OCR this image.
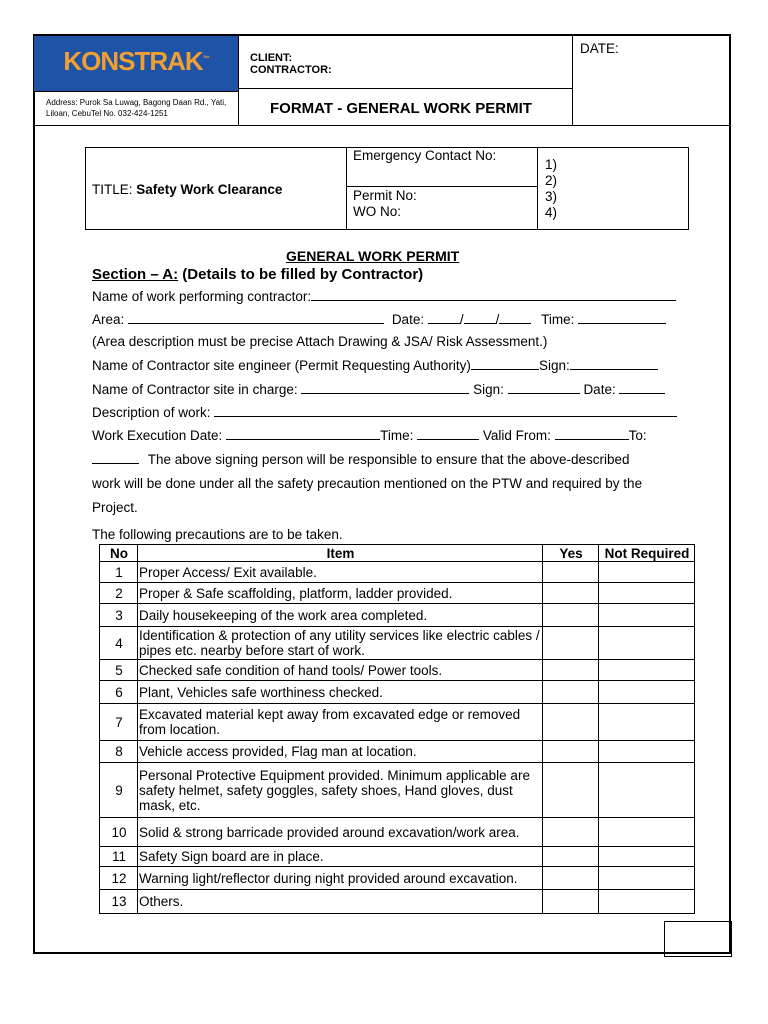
KONSTRAK™
Address: Purok Sa Luwag, Bagong Daan Rd., Yati,
Liloan, CebuTel No. 032-424-1251
CLIENT:
CONTRACTOR:
FORMAT - GENERAL WORK PERMIT
DATE:
TITLE: Safety Work Clearance
Emergency Contact No:
Permit No:
WO No:
1)
2)
3)
4)
GENERAL WORK PERMIT
Section – A: (Details to be filled by Contractor)
Name of work performing contractor:
Area:	Date:	/ /	Time:
(Area description must be precise Attach Drawing & JSA/ Risk Assessment.)
Name of Contractor site engineer (Permit Requesting Authority)	Sign:
Name of Contractor site in charge:	Sign:	Date:
Description of work:
Work Execution Date:	Time:	Valid From:	To:
The above signing person will be responsible to ensure that the above-described
work will be done under all the safety precaution mentioned on the PTW and required by the
Project.
The following precautions are to be taken.
No	Item	Yes	Not Required
1	Proper Access/ Exit available.		
2	Proper & Safe scaffolding, platform, ladder provided.		
3	Daily housekeeping of the work area completed.		
4	Identification & protection of any utility services like electric cables / pipes etc. nearby before start of work.		
5	Checked safe condition of hand tools/ Power tools.		
6	Plant, Vehicles safe worthiness checked.		
7	Excavated material kept away from excavated edge or removed from location.		
8	Vehicle access provided, Flag man at location.		
9	Personal Protective Equipment provided. Minimum applicable are safety helmet, safety goggles, safety shoes, Hand gloves, dust mask, etc.		
10	Solid & strong barricade provided around excavation/work area.		
11	Safety Sign board are in place.		
12	Warning light/reflector during night provided around excavation.		
13	Others.		
